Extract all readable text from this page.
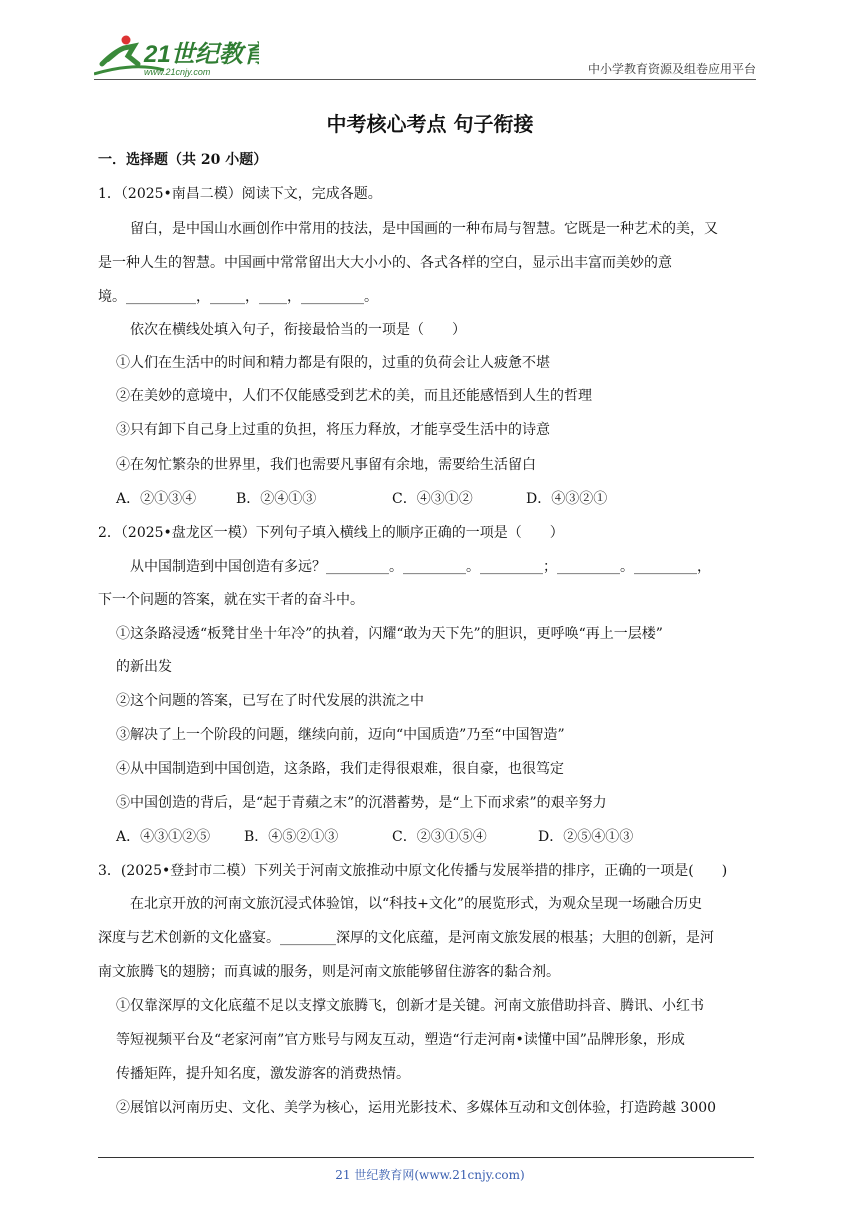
21世纪教育
www.21cnjy.com	中小学教育资源及组卷应用平台
中考核心考点 句子衔接
一．选择题（共 20 小题）
1．（2025•南昌二模）阅读下文，完成各题。
留白，是中国山水画创作中常用的技法，是中国画的一种布局与智慧。它既是一种艺术的美，又
是一种人生的智慧。中国画中常常留出大大小小的、各式各样的空白，显示出丰富而美妙的意
境。__________，_____，____，_________。
依次在横线处填入句子，衔接最恰当的一项是（　　）
①人们在生活中的时间和精力都是有限的，过重的负荷会让人疲惫不堪
②在美妙的意境中，人们不仅能感受到艺术的美，而且还能感悟到人生的哲理
③只有卸下自己身上过重的负担，将压力释放，才能享受生活中的诗意
④在匆忙繁杂的世界里，我们也需要凡事留有余地，需要给生活留白
A．②①③④	B．②④①③	C．④③①②	D．④③②①
2．（2025•盘龙区一模）下列句子填入横线上的顺序正确的一项是（　　）
从中国制造到中国创造有多远？_________。_________。_________；_________。_________，
下一个问题的答案，就在实干者的奋斗中。
①这条路浸透“板凳甘坐十年冷”的执着，闪耀“敢为天下先”的胆识，更呼唤“再上一层楼”
的新出发
②这个问题的答案，已写在了时代发展的洪流之中
③解决了上一个阶段的问题，继续向前，迈向“中国质造”乃至“中国智造”
④从中国制造到中国创造，这条路，我们走得很艰难，很自豪，也很笃定
⑤中国创造的背后，是“起于青蘋之末”的沉潜蓄势，是“上下而求索”的艰辛努力
A．④③①②⑤ B．④⑤②①③	C．②③①⑤④	D．②⑤④①③
3．(2025•登封市二模）下列关于河南文旅推动中原文化传播与发展举措的排序，正确的一项是(　　)
在北京开放的河南文旅沉浸式体验馆，以“科技+文化”的展览形式，为观众呈现一场融合历史
深度与艺术创新的文化盛宴。________深厚的文化底蕴，是河南文旅发展的根基；大胆的创新，是河
南文旅腾飞的翅膀；而真诚的服务，则是河南文旅能够留住游客的黏合剂。
①仅靠深厚的文化底蕴不足以支撑文旅腾飞，创新才是关键。河南文旅借助抖音、腾讯、小红书
等短视频平台及“老家河南”官方账号与网友互动，塑造“行走河南•读懂中国”品牌形象，形成
传播矩阵，提升知名度，激发游客的消费热情。
②展馆以河南历史、文化、美学为核心，运用光影技术、多媒体互动和文创体验，打造跨越 3000
21 世纪教育网(www.21cnjy.com)
